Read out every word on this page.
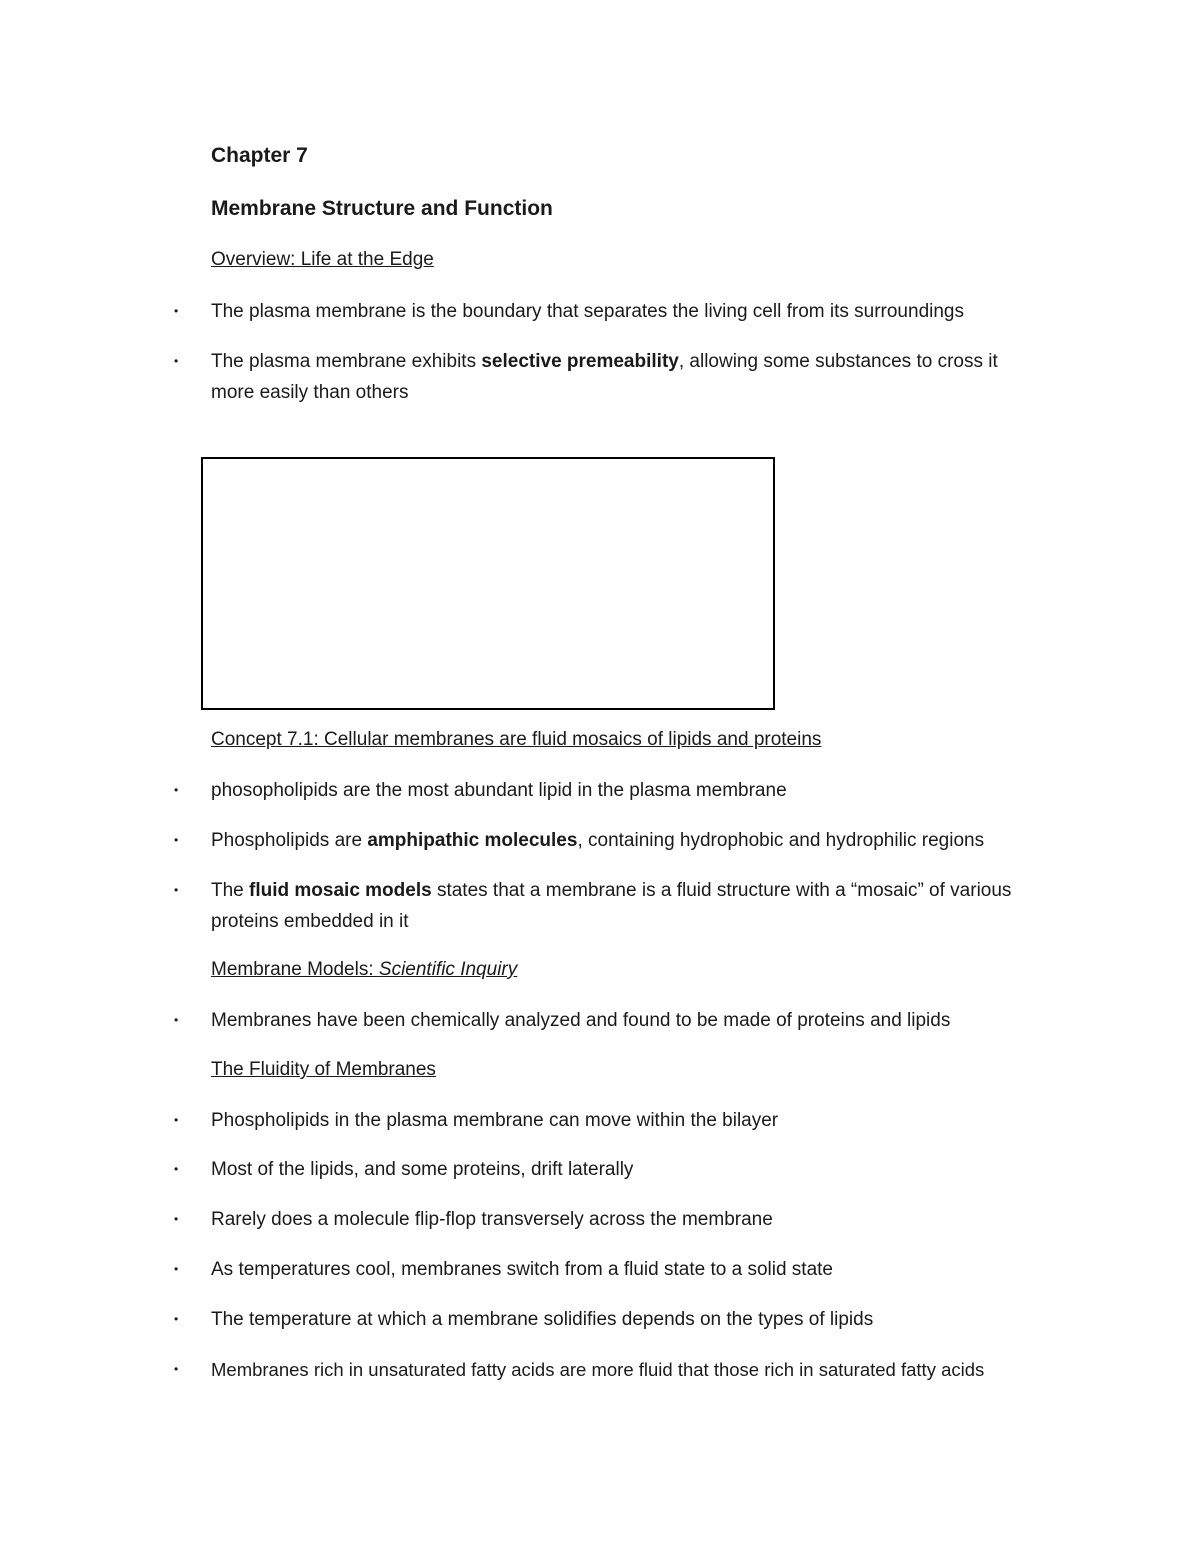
Chapter 7
Membrane Structure and Function
Overview: Life at the Edge
• The plasma membrane is the boundary that separates the living cell from its surroundings
• The plasma membrane exhibits selective premeability, allowing some substances to cross it more easily than others
Concept 7.1: Cellular membranes are fluid mosaics of lipids and proteins
• phosopholipids are the most abundant lipid in the plasma membrane
• Phospholipids are amphipathic molecules, containing hydrophobic and hydrophilic regions
• The fluid mosaic models states that a membrane is a fluid structure with a “mosaic” of various proteins embedded in it
Membrane Models: Scientific Inquiry
• Membranes have been chemically analyzed and found to be made of proteins and lipids
The Fluidity of Membranes
• Phospholipids in the plasma membrane can move within the bilayer
• Most of the lipids, and some proteins, drift laterally
• Rarely does a molecule flip-flop transversely across the membrane
• As temperatures cool, membranes switch from a fluid state to a solid state
• The temperature at which a membrane solidifies depends on the types of lipids
• Membranes rich in unsaturated fatty acids are more fluid that those rich in saturated fatty acids
